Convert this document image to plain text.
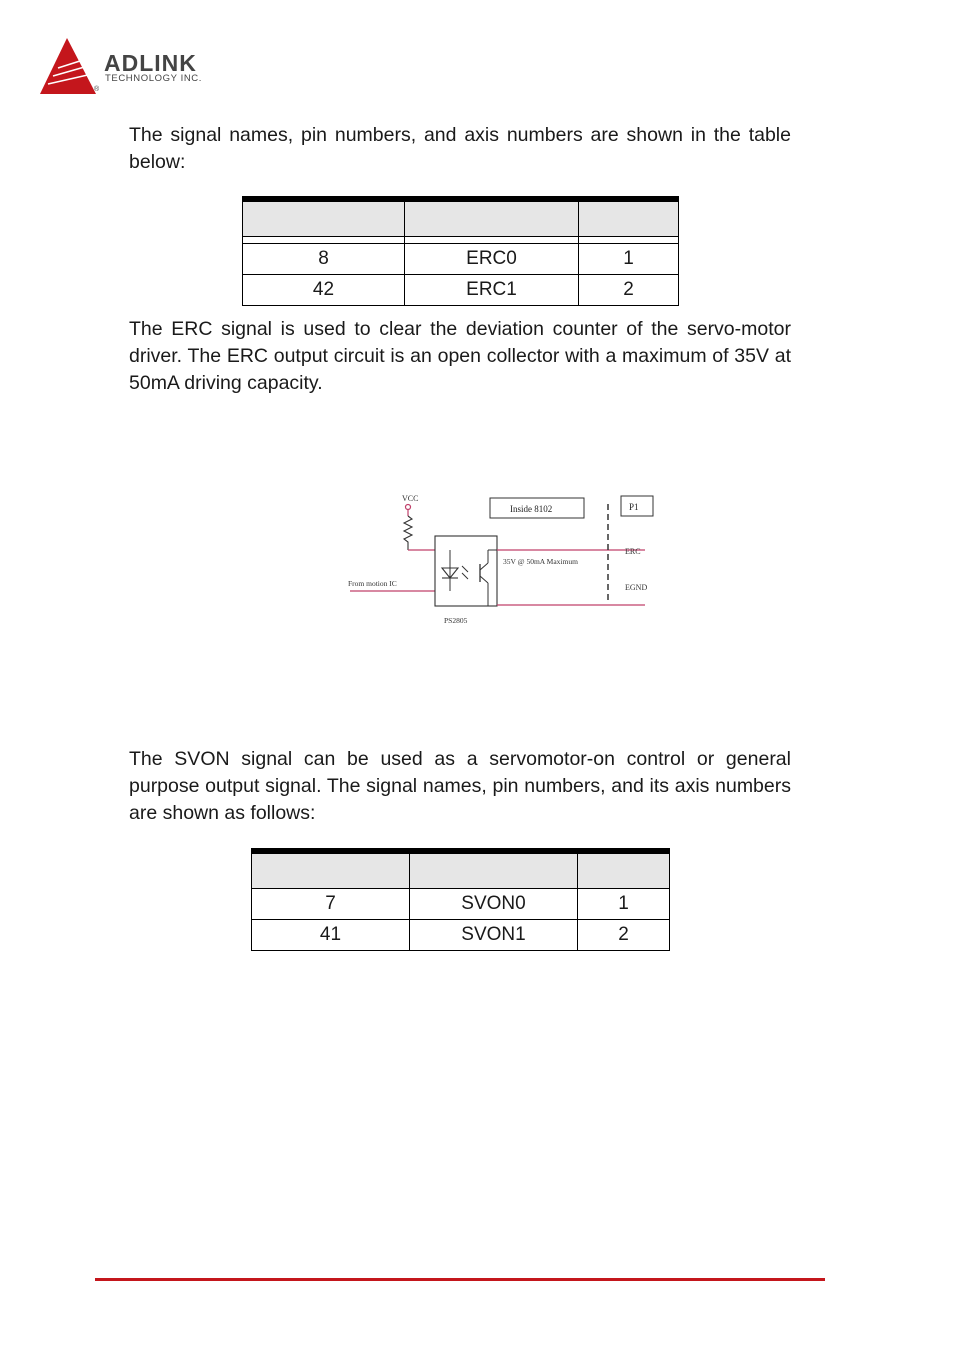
ADLINK
TECHNOLOGY INC.
®

The signal names, pin numbers, and axis numbers are shown in the table below:

8	ERC0	1
42	ERC1	2

The ERC signal is used to clear the deviation counter of the servo-motor driver. The ERC output circuit is an open collector with a maximum of 35V at 50mA driving capacity.

VCC
From motion IC
Inside 8102	P1
35V @ 50mA Maximum
ERC
EGND
PS2805

The SVON signal can be used as a servomotor-on control or general purpose output signal. The signal names, pin numbers, and its axis numbers are shown as follows:

7	SVON0	1
41	SVON1	2
